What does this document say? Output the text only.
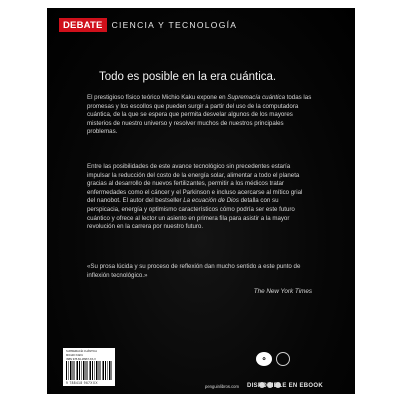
DEBATE	CIENCIA Y TECNOLOGÍA
Todo es posible en la era cuántica.
El prestigioso físico teórico Michio Kaku expone en Supremacía cuántica todas las promesas y los escollos que pueden surgir a partir del uso de la computadora cuántica, de la que se espera que permita desvelar algunos de los mayores misterios de nuestro universo y resolver muchos de nuestros principales problemas.
Entre las posibilidades de este avance tecnológico sin precedentes estaría impulsar la reducción del costo de la energía solar, alimentar a todo el planeta gracias al desarrollo de nuevos fertilizantes, permitir a los médicos tratar enfermedades como el cáncer y el Parkinson e incluso acercarse al mítico grial del nanobot. El autor del bestseller La ecuación de Dios detalla con su perspicacia, energía y optimismo característicos cómo podría ser este futuro cuántico y ofrece al lector un asiento en primera fila para asistir a la mayor revolución en la carrera por nuestro futuro.
«Su prosa lúcida y su proceso de reflexión dan mucho sentido a este punto de inflexión tecnológico.»
The New York Times
SUPREMACÍA CUÁNTICA
MICHIO KAKU
ISBN 978-84-18967-XX-X
9 788418 967XXX
♻
penguinlibros.com DISPONIBLE EN EBOOK
